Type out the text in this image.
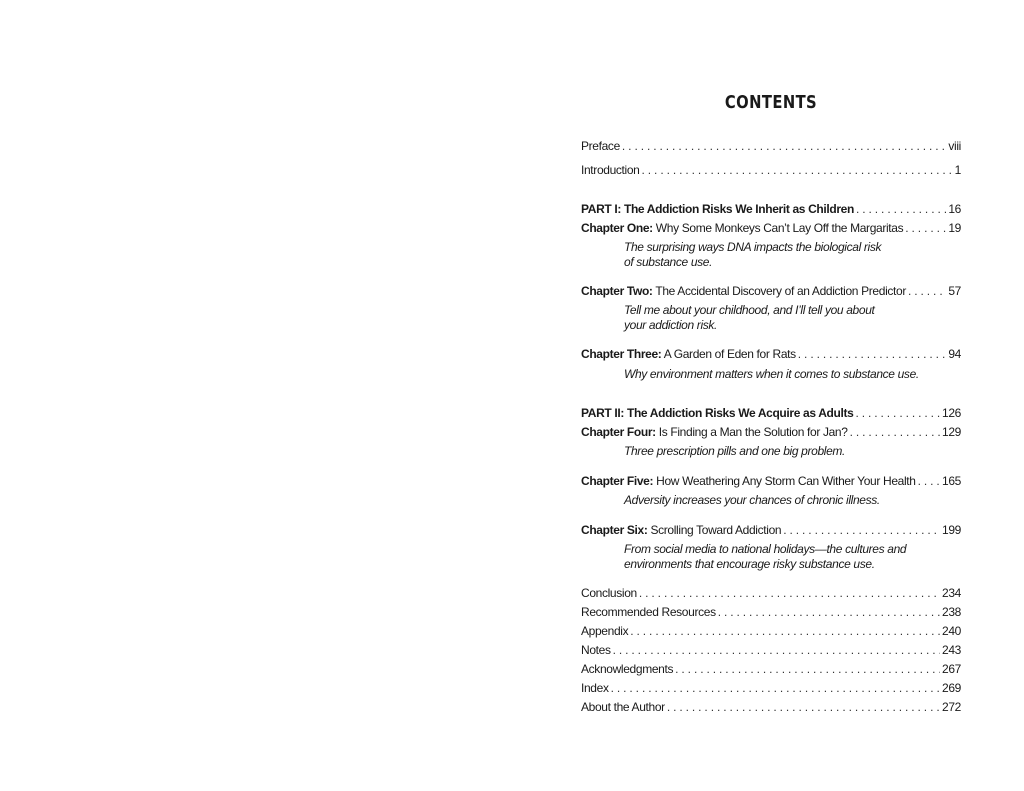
CONTENTS
Preface . . .	viii
Introduction . . .	1
PART I: The Addiction Risks We Inherit as Children . . .	16
Chapter One: Why Some Monkeys Can’t Lay Off the Margaritas . . .	19
The surprising ways DNA impacts the biological risk
of substance use.
Chapter Two: The Accidental Discovery of an Addiction Predictor . . .	57
Tell me about your childhood, and I’ll tell you about
your addiction risk.
Chapter Three: A Garden of Eden for Rats . . .	94
Why environment matters when it comes to substance use.
PART II: The Addiction Risks We Acquire as Adults . . .	126
Chapter Four: Is Finding a Man the Solution for Jan? . . .	129
Three prescription pills and one big problem.
Chapter Five: How Weathering Any Storm Can Wither Your Health . . . 165
Adversity increases your chances of chronic illness.
Chapter Six: Scrolling Toward Addiction . . .	199
From social media to national holidays—the cultures and
environments that encourage risky substance use.
Conclusion . . .	234
Recommended Resources . . .	238
Appendix . . .	240
Notes . . .	243
Acknowledgments . . .	267
Index . . .	269
About the Author . . .	272
